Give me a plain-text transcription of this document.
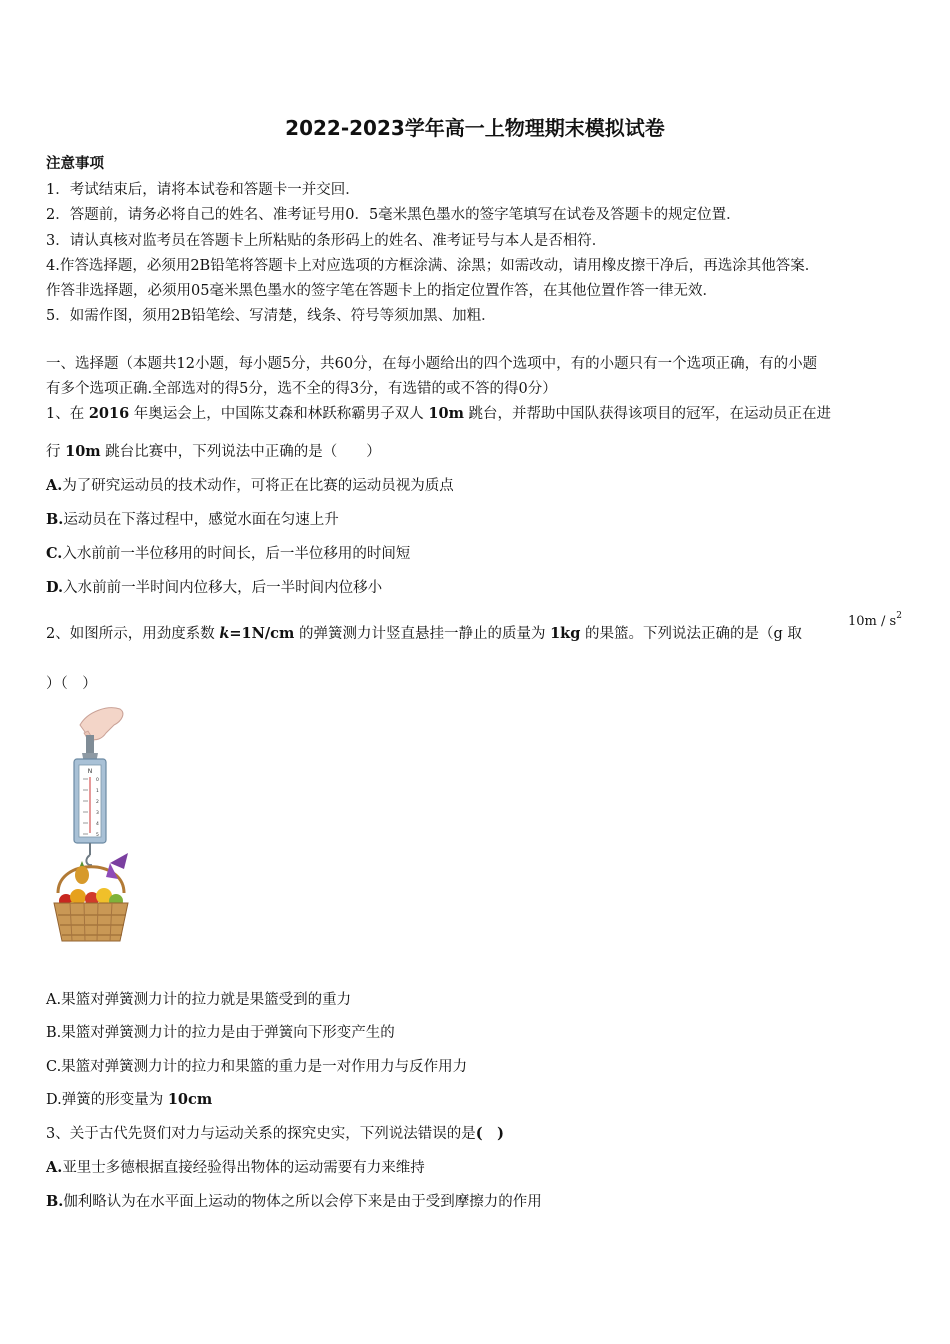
2022-2023学年高一上物理期末模拟试卷
注意事项
1．考试结束后，请将本试卷和答题卡一并交回．
2．答题前，请务必将自己的姓名、准考证号用0．5毫米黑色墨水的签字笔填写在试卷及答题卡的规定位置．
3．请认真核对监考员在答题卡上所粘贴的条形码上的姓名、准考证号与本人是否相符．
4.作答选择题，必须用2B铅笔将答题卡上对应选项的方框涂满、涂黑；如需改动，请用橡皮擦干净后，再选涂其他答案．
作答非选择题，必须用05毫米黑色墨水的签字笔在答题卡上的指定位置作答，在其他位置作答一律无效．
5．如需作图，须用2B铅笔绘、写清楚，线条、符号等须加黑、加粗．
一、选择题（本题共12小题，每小题5分，共60分，在每小题给出的四个选项中，有的小题只有一个选项正确，有的小题
有多个选项正确.全部选对的得5分，选不全的得3分，有选错的或不答的得0分）
1、在 2016 年奥运会上，中国陈艾森和林跃称霸男子双人 10m 跳台，并帮助中国队获得该项目的冠军，在运动员正在进
行 10m 跳台比赛中，下列说法中正确的是（　　）
A.为了研究运动员的技术动作，可将正在比赛的运动员视为质点
B.运动员在下落过程中，感觉水面在匀速上升
C.入水前前一半位移用的时间长，后一半位移用的时间短
D.入水前前一半时间内位移大，后一半时间内位移小
2、如图所示，用劲度系数 k=1N/cm 的弹簧测力计竖直悬挂一静止的质量为 1kg 的果篮。下列说法正确的是（g 取
$10m / s^2$
）（　）
N
0
1
2
3
4
5
A.果篮对弹簧测力计的拉力就是果篮受到的重力
B.果篮对弹簧测力计的拉力是由于弹簧向下形变产生的
C.果篮对弹簧测力计的拉力和果篮的重力是一对作用力与反作用力
D.弹簧的形变量为 10cm
3、关于古代先贤们对力与运动关系的探究史实，下列说法错误的是(　)
A.亚里士多德根据直接经验得出物体的运动需要有力来维持
B.伽利略认为在水平面上运动的物体之所以会停下来是由于受到摩擦力的作用
